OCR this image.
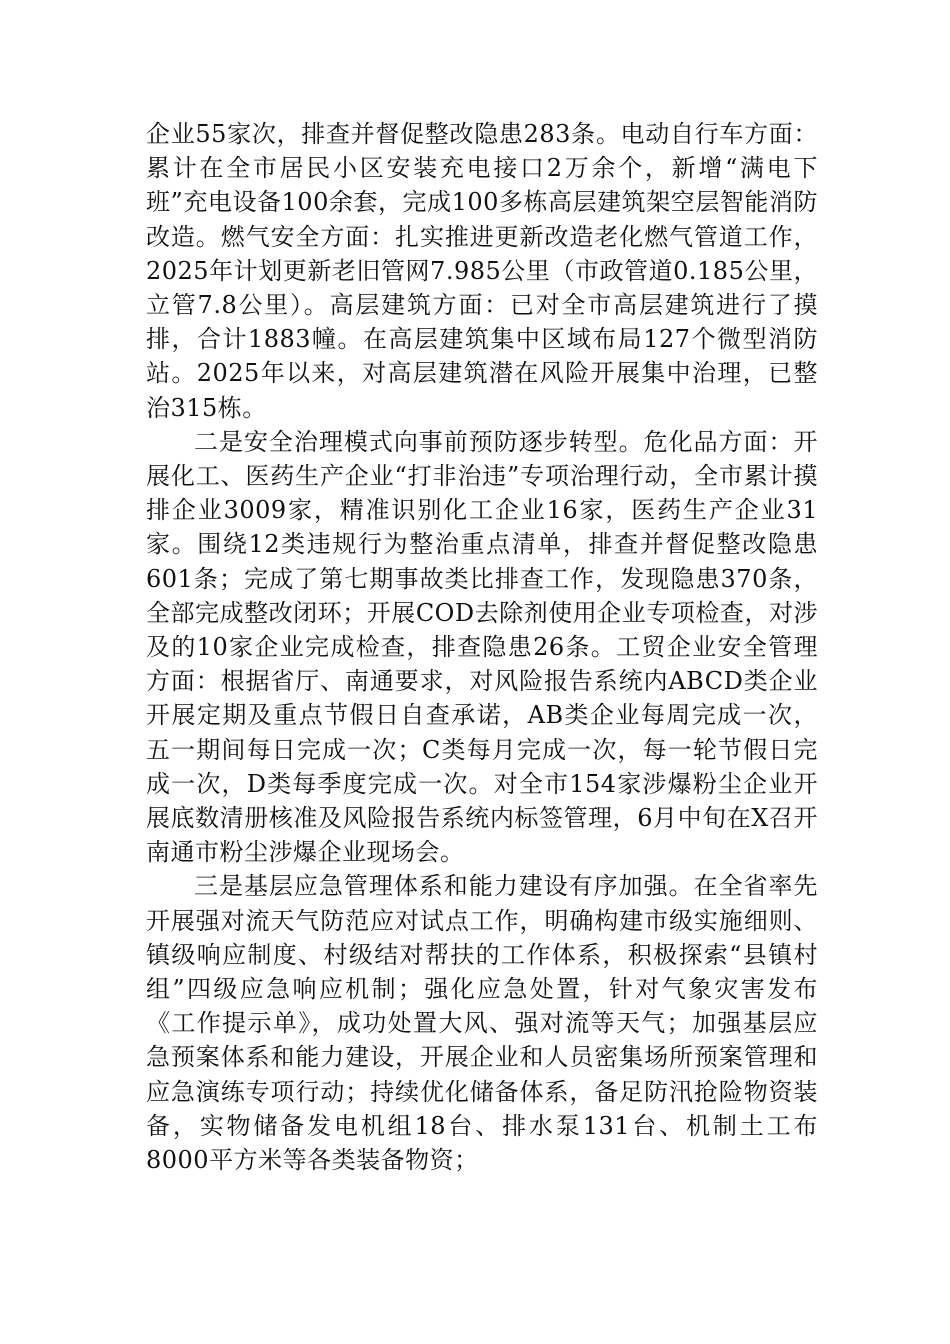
企业55家次，排查并督促整改隐患283条。电动自行车方面：累计在全市居民小区安装充电接口2万余个，新增“满电下班”充电设备100余套，完成100多栋高层建筑架空层智能消防改造。燃气安全方面：扎实推进更新改造老化燃气管道工作，2025年计划更新老旧管网7.985公里（市政管道0.185公里，立管7.8公里）。高层建筑方面：已对全市高层建筑进行了摸排，合计1883幢。在高层建筑集中区域布局127个微型消防站。2025年以来，对高层建筑潜在风险开展集中治理，已整治315栋。

二是安全治理模式向事前预防逐步转型。危化品方面：开展化工、医药生产企业“打非治违”专项治理行动，全市累计摸排企业3009家，精准识别化工企业16家，医药生产企业31家。围绕12类违规行为整治重点清单，排查并督促整改隐患601条；完成了第七期事故类比排查工作，发现隐患370条，全部完成整改闭环；开展COD去除剂使用企业专项检查，对涉及的10家企业完成检查，排查隐患26条。工贸企业安全管理方面：根据省厅、南通要求，对风险报告系统内ABCD类企业开展定期及重点节假日自查承诺，AB类企业每周完成一次，五一期间每日完成一次；C类每月完成一次，每一轮节假日完成一次，D类每季度完成一次。对全市154家涉爆粉尘企业开展底数清册核准及风险报告系统内标签管理，6月中旬在X召开南通市粉尘涉爆企业现场会。

三是基层应急管理体系和能力建设有序加强。在全省率先开展强对流天气防范应对试点工作，明确构建市级实施细则、镇级响应制度、村级结对帮扶的工作体系，积极探索“县镇村组”四级应急响应机制；强化应急处置，针对气象灾害发布《工作提示单》，成功处置大风、强对流等天气；加强基层应急预案体系和能力建设，开展企业和人员密集场所预案管理和应急演练专项行动；持续优化储备体系，备足防汛抢险物资装备，实物储备发电机组18台、排水泵131台、机制土工布8000平方米等各类装备物资；
